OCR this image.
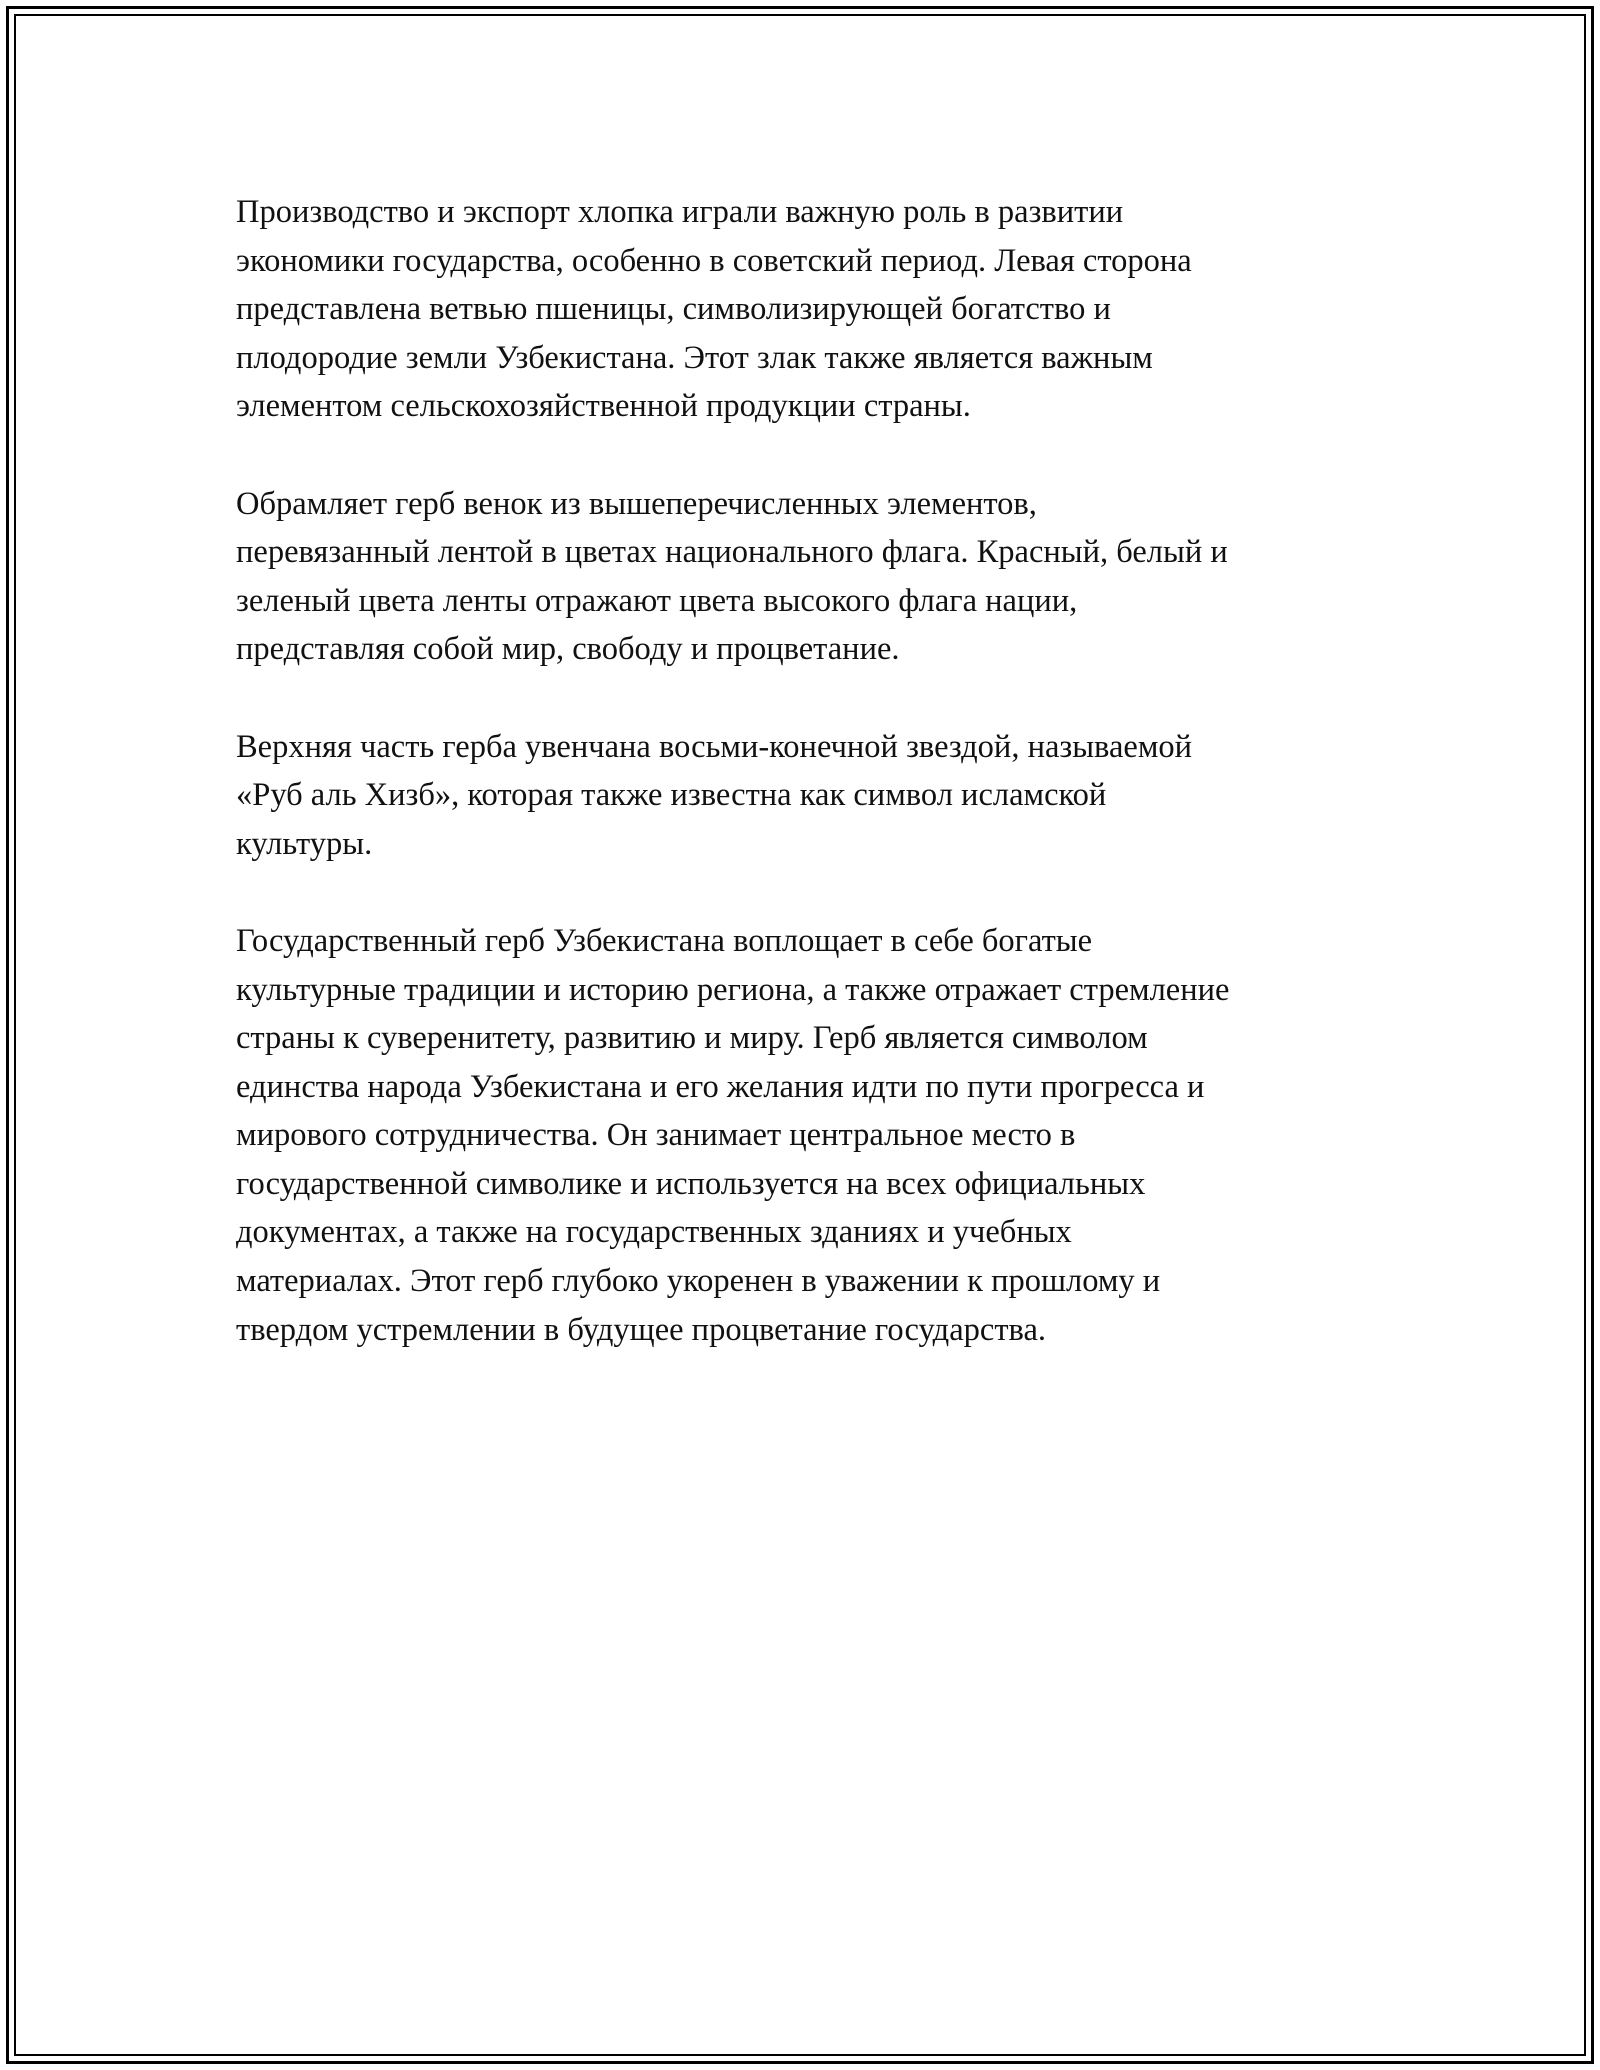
Производство и экспорт хлопка играли важную роль в развитии
экономики государства, особенно в советский период. Левая сторона
представлена ветвью пшеницы, символизирующей богатство и
плодородие земли Узбекистана. Этот злак также является важным
элементом сельскохозяйственной продукции страны.

Обрамляет герб венок из вышеперечисленных элементов,
перевязанный лентой в цветах национального флага. Красный, белый и
зеленый цвета ленты отражают цвета высокого флага нации,
представляя собой мир, свободу и процветание.

Верхняя часть герба увенчана восьми-конечной звездой, называемой
«Руб аль Хизб», которая также известна как символ исламской
культуры.

Государственный герб Узбекистана воплощает в себе богатые
культурные традиции и историю региона, а также отражает стремление
страны к суверенитету, развитию и миру. Герб является символом
единства народа Узбекистана и его желания идти по пути прогресса и
мирового сотрудничества. Он занимает центральное место в
государственной символике и используется на всех официальных
документах, а также на государственных зданиях и учебных
материалах. Этот герб глубоко укоренен в уважении к прошлому и
твердом устремлении в будущее процветание государства.
